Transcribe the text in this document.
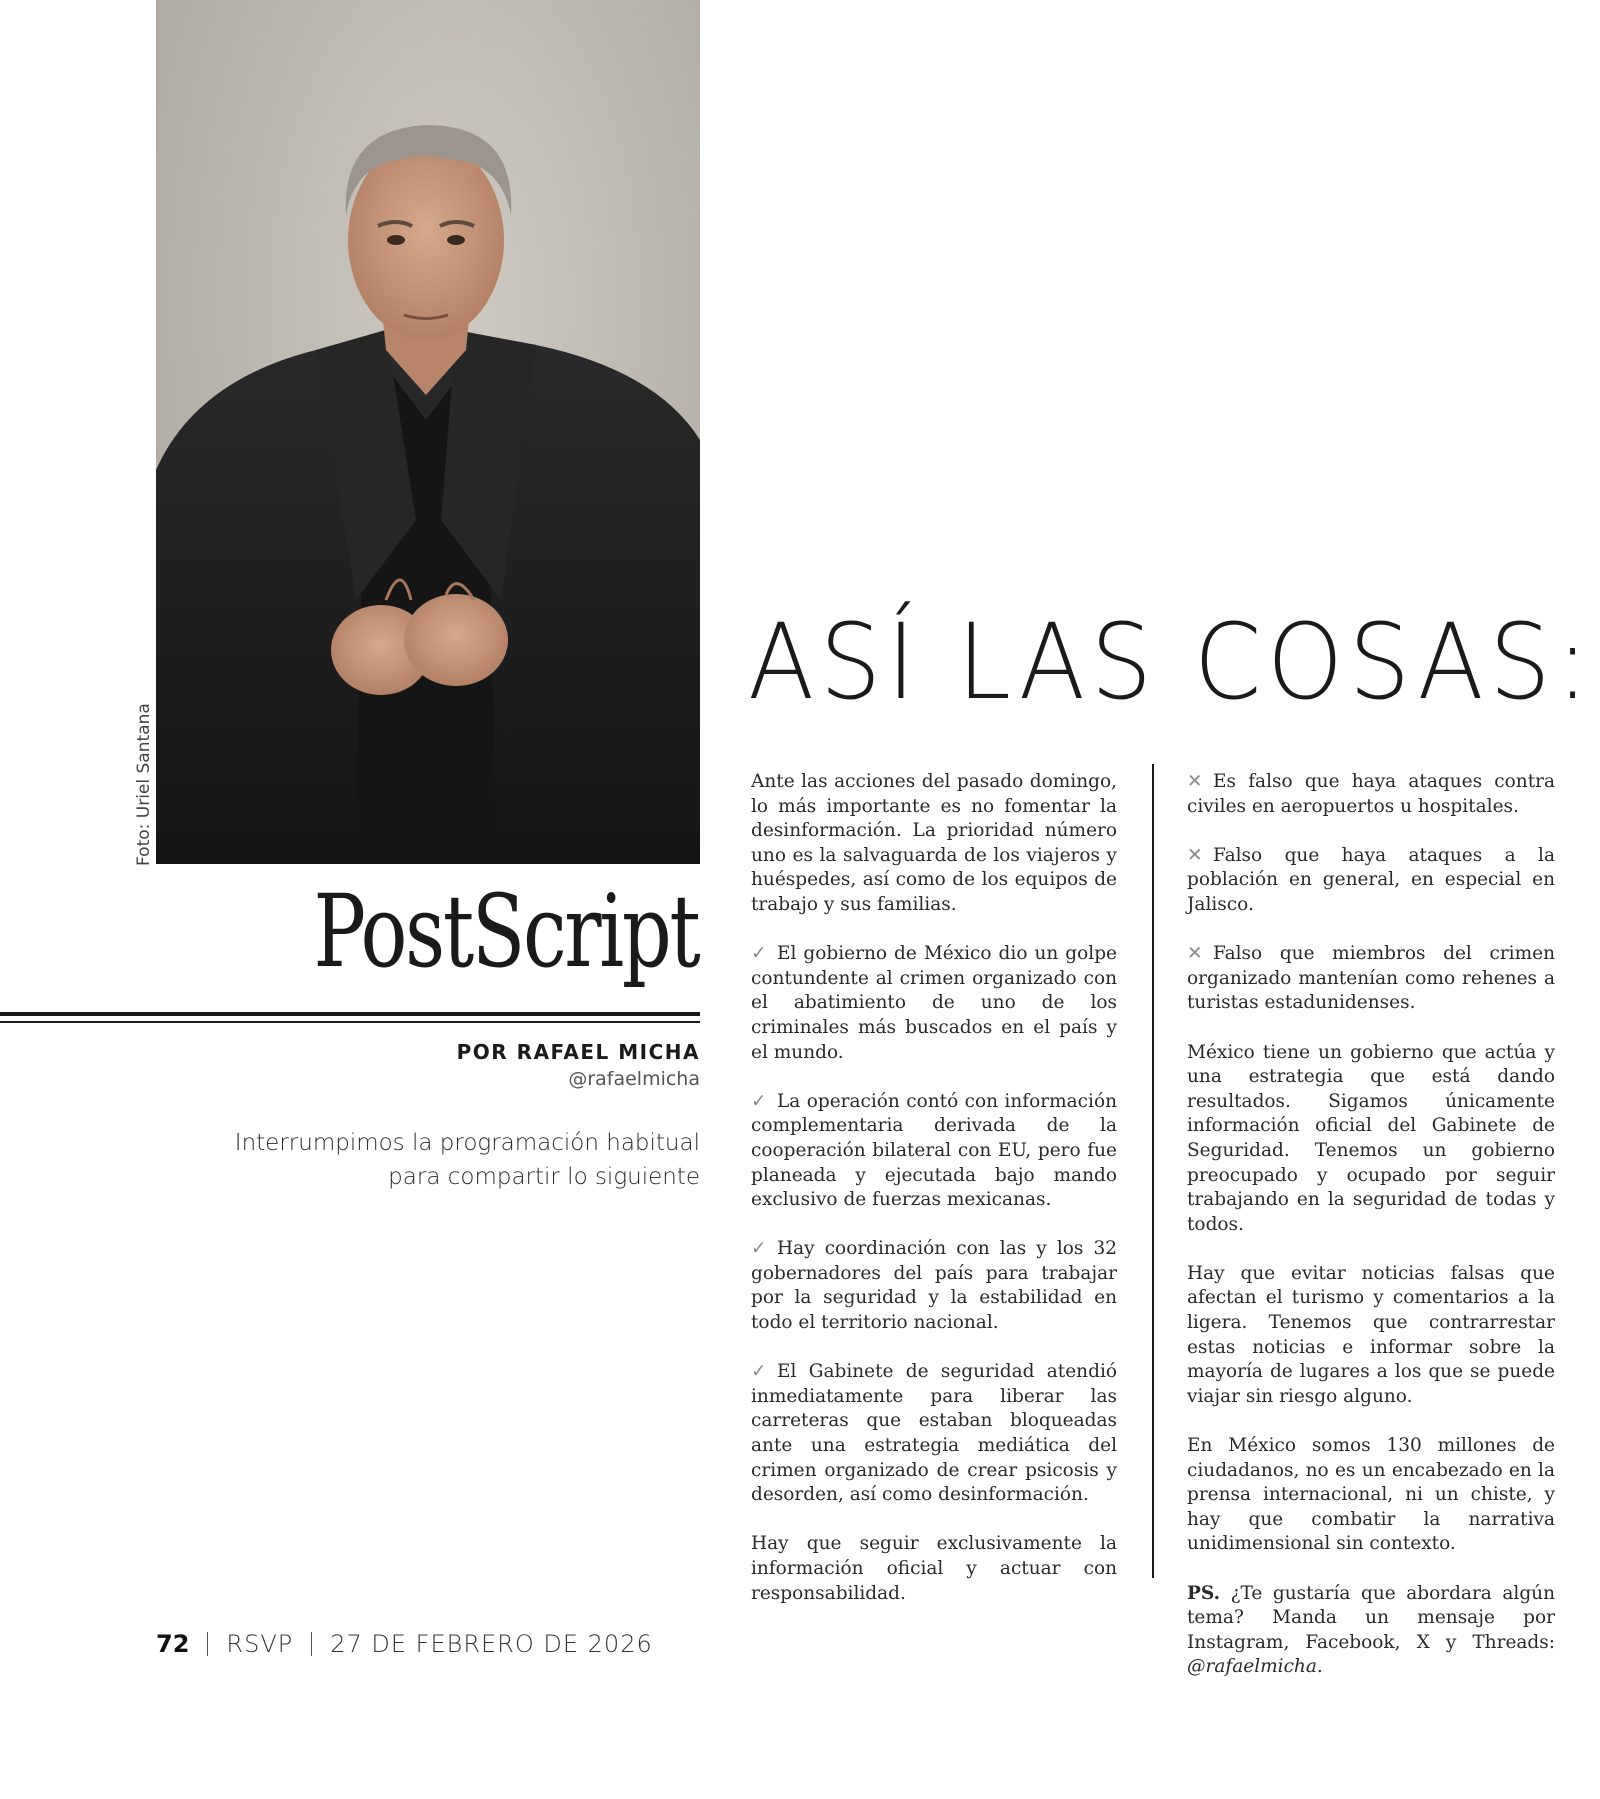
Foto: Uriel Santana
PostScript
POR RAFAEL MICHA
@rafaelmicha
Interrumpimos la programación habitual para compartir lo siguiente
ASÍ LAS COSAS:

Ante las acciones del pasado domingo, lo más importante es no fomentar la desinformación. La prioridad número uno es la salvaguarda de los viajeros y huéspedes, así como de los equipos de trabajo y sus familias.

✓ El gobierno de México dio un golpe contundente al crimen organizado con el abatimiento de uno de los criminales más buscados en el país y el mundo.

✓ La operación contó con información complementaria derivada de la cooperación bilateral con EU, pero fue planeada y ejecutada bajo mando exclusivo de fuerzas mexicanas.

✓ Hay coordinación con las y los 32 gobernadores del país para trabajar por la seguridad y la estabilidad en todo el territorio nacional.

✓ El Gabinete de seguridad atendió inmediatamente para liberar las carreteras que estaban bloqueadas ante una estrategia mediática del crimen organizado de crear psicosis y desorden, así como desinformación.

Hay que seguir exclusivamente la información oficial y actuar con responsabilidad.

✕ Es falso que haya ataques contra civiles en aeropuertos u hospitales.

✕ Falso que haya ataques a la población en general, en especial en Jalisco.

✕ Falso que miembros del crimen organizado mantenían como rehenes a turistas estadunidenses.

México tiene un gobierno que actúa y una estrategia que está dando resultados. Sigamos únicamente información oficial del Gabinete de Seguridad. Tenemos un gobierno preocupado y ocupado por seguir trabajando en la seguridad de todas y todos.

Hay que evitar noticias falsas que afectan el turismo y comentarios a la ligera. Tenemos que contrarrestar estas noticias e informar sobre la mayoría de lugares a los que se puede viajar sin riesgo alguno.

En México somos 130 millones de ciudadanos, no es un encabezado en la prensa internacional, ni un chiste, y hay que combatir la narrativa unidimensional sin contexto.

PS. ¿Te gustaría que abordara algún tema? Manda un mensaje por Instagram, Facebook, X y Threads: @rafaelmicha.

72 RSVP 27 DE FEBRERO DE 2026
